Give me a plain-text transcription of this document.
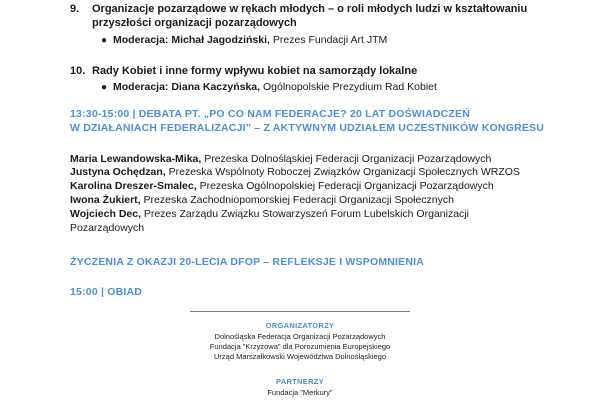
9. Organizacje pozarządowe w rękach młodych – o roli młodych ludzi w kształtowaniu
przyszłości organizacji pozarządowych
● Moderacja: Michał Jagodziński, Prezes Fundacji Art JTM
10. Rady Kobiet i inne formy wpływu kobiet na samorządy lokalne
● Moderacja: Diana Kaczyńska, Ogólnopolskie Prezydium Rad Kobiet
13:30-15:00 | DEBATA PT. „PO CO NAM FEDERACJE? 20 LAT DOŚWIADCZEŃ
W DZIAŁANIACH FEDERALIZACJI” – Z AKTYWNYM UDZIAŁEM UCZESTNIKÓW KONGRESU
Maria Lewandowska-Mika, Prezeska Dolnośląskiej Federacji Organizacji Pozarządowych
Justyna Ochędzan, Prezeska Wspólnoty Roboczej Związków Organizacji Społecznych WRZOS
Karolina Dreszer-Smalec, Prezeska Ogólnopolskiej Federacji Organizacji Pozarządowych
Iwona Żukiert, Prezeska Zachodniopomorskiej Federacji Organizacji Społecznych
Wojciech Dec, Prezes Zarządu Związku Stowarzyszeń Forum Lubelskich Organizacji
Pozarządowych
ŻYCZENIA Z OKAZJI 20-LECIA DFOP – REFLEKSJE I WSPOMNIENIA
15:00 | OBIAD
ORGANIZATORZY
Dolnośląska Federacja Organizacji Pozarządowych
Fundacja "Krzyżowa" dla Porozumienia Europejskiego
Urząd Marszałkowski Województwa Dolnośląskiego
PARTNERZY
Fundacja "Merkury"
